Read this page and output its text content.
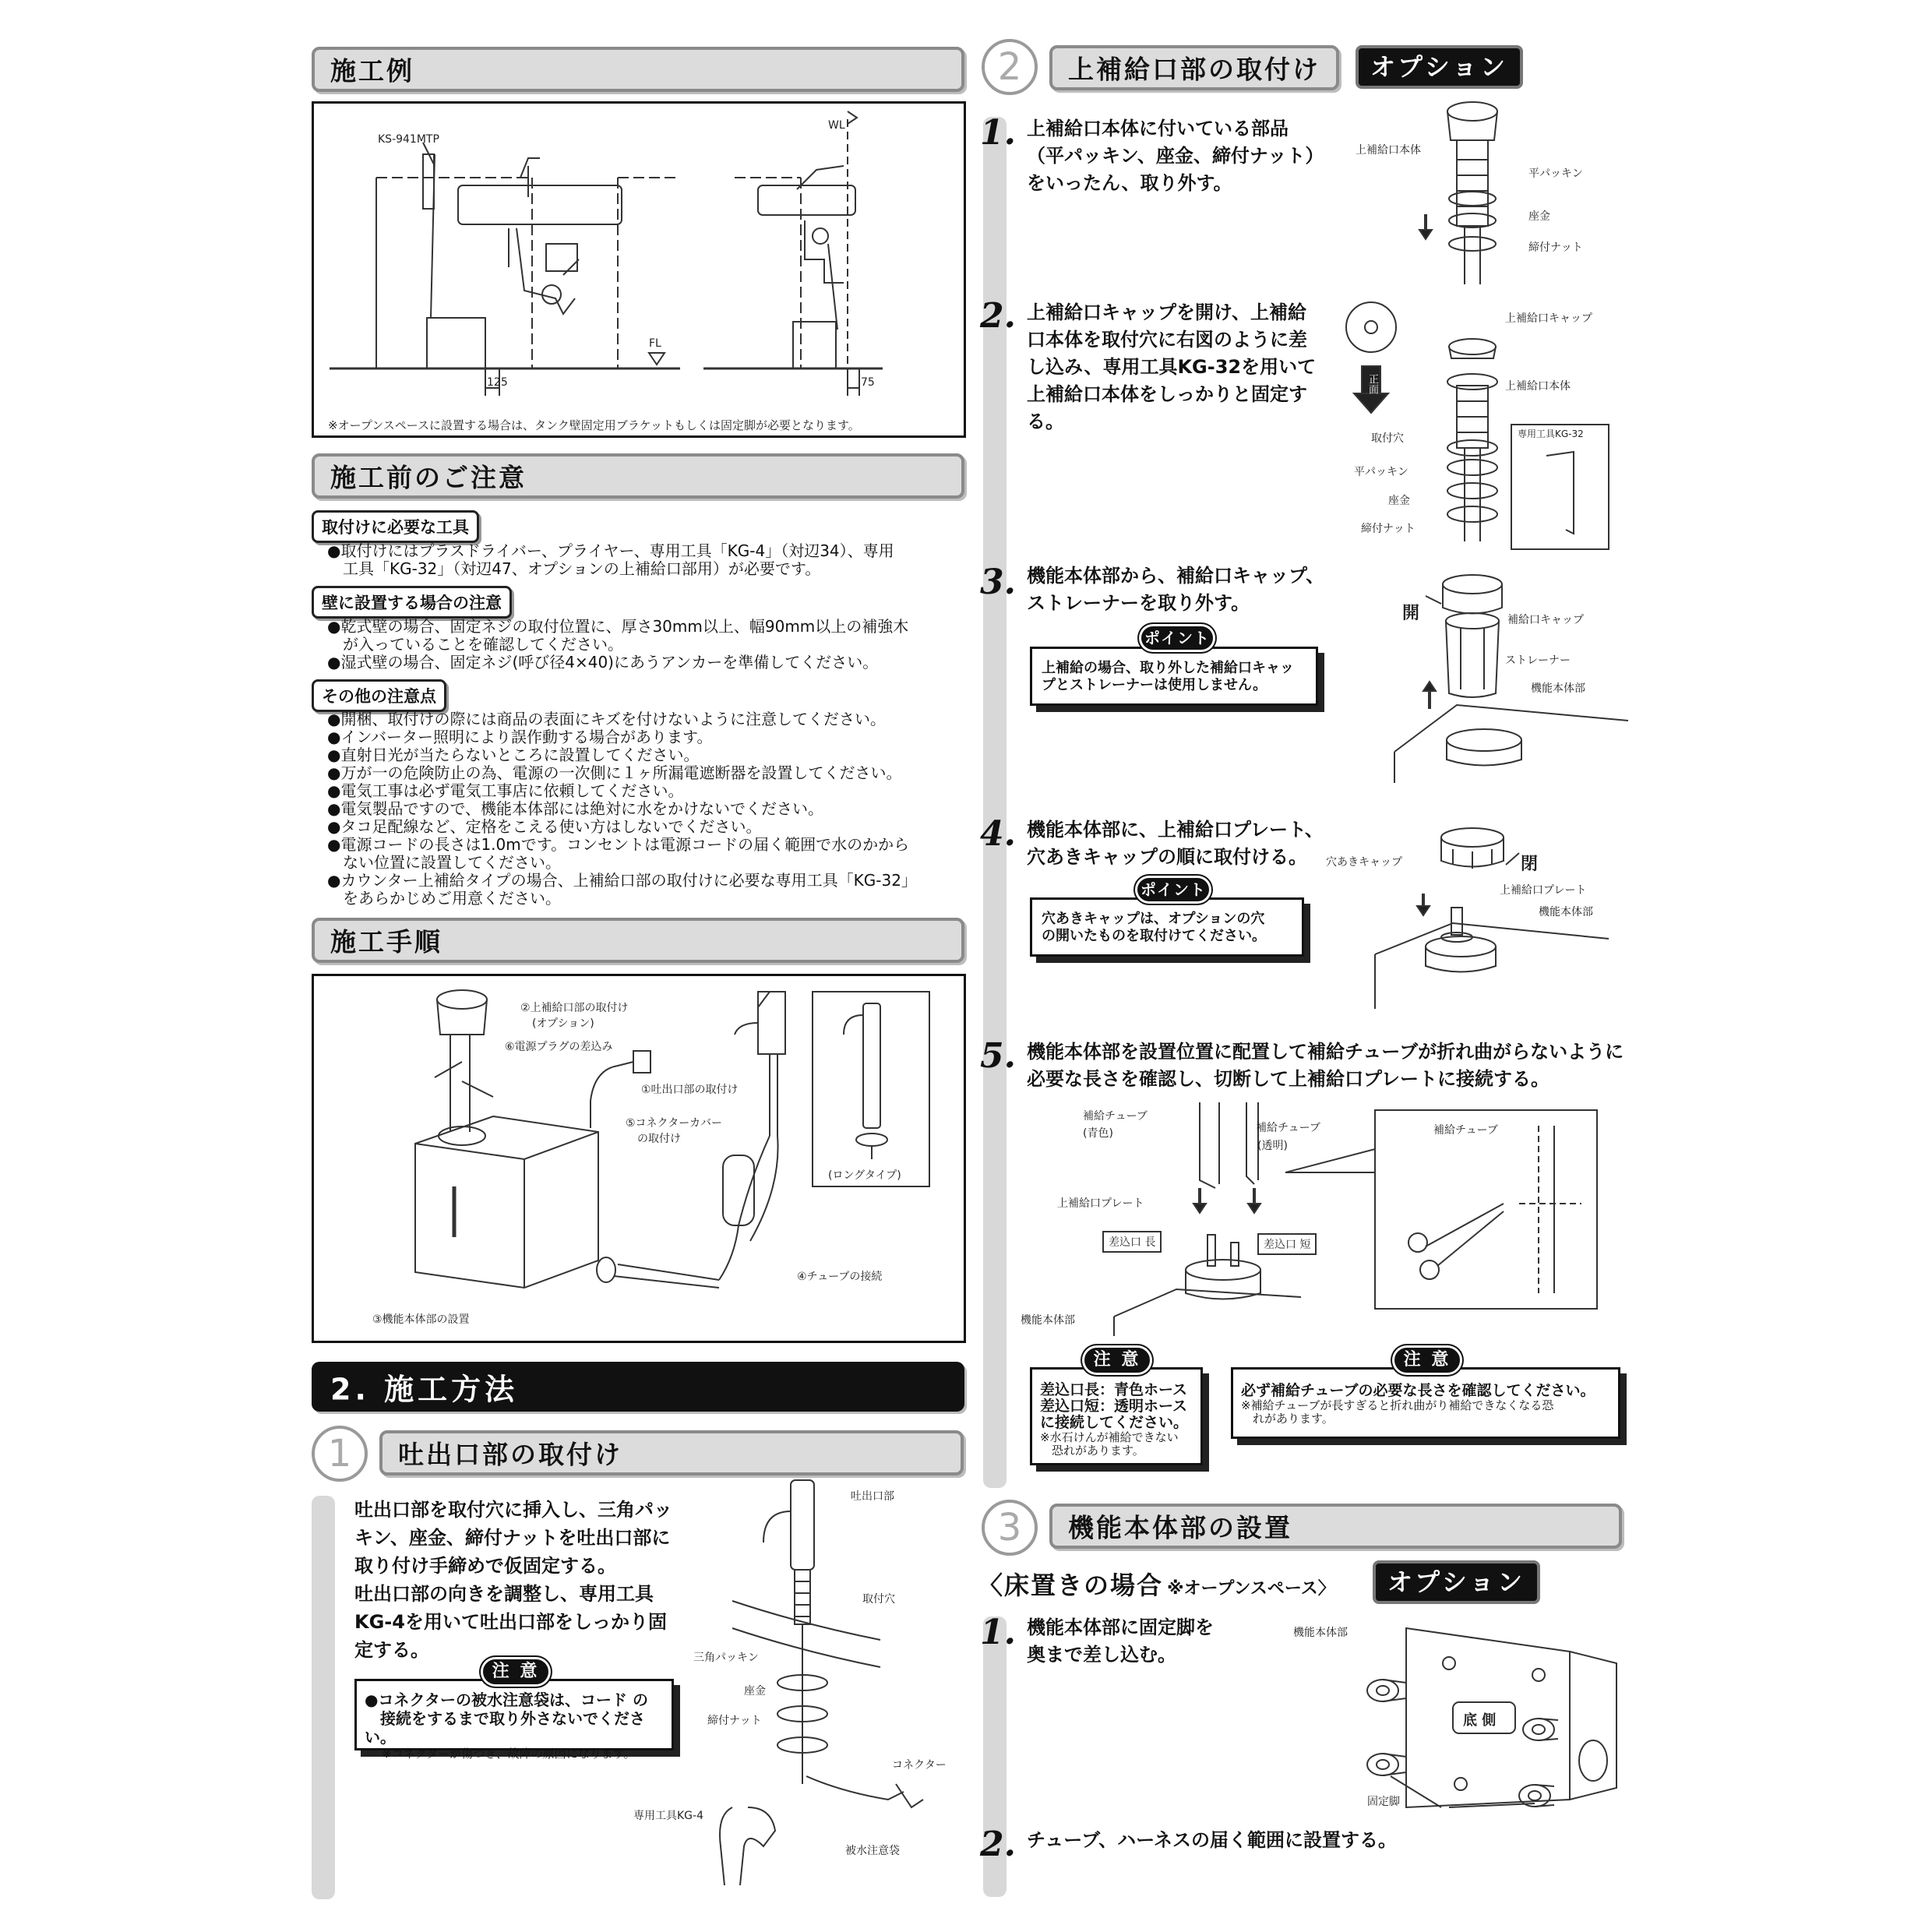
施工例
KS-941MTP
WL
FL
125	75
※オープンスペースに設置する場合は、タンク壁固定用ブラケットもしくは固定脚が必要となります。
施工前のご注意
取付けに必要な工具
●取付けにはプラスドライバー、プライヤー、専用工具「KG-4」（対辺34）、専用
　工具「KG-32」（対辺47、オプションの上補給口部用）が必要です。
壁に設置する場合の注意
●乾式壁の場合、固定ネジの取付位置に、厚さ30mm以上、幅90mm以上の補強木
　が入っていることを確認してください。
●湿式壁の場合、固定ネジ(呼び径4×40)にあうアンカーを準備してください。
その他の注意点
●開梱、取付けの際には商品の表面にキズを付けないように注意してください。
●インバーター照明により誤作動する場合があります。
●直射日光が当たらないところに設置してください。
●万が一の危険防止の為、電源の一次側に１ヶ所漏電遮断器を設置してください。
●電気工事は必ず電気工事店に依頼してください。
●電気製品ですので、機能本体部には絶対に水をかけないでください。
●タコ足配線など、定格をこえる使い方はしないでください。
●電源コードの長さは1.0mです。コンセントは電源コードの届く範囲で水のかから
　ない位置に設置してください。
●カウンター上補給タイプの場合、上補給口部の取付けに必要な専用工具「KG-32」
　をあらかじめご用意ください。
施工手順
②上補給口部の取付け
(オプション)
⑥電源プラグの差込み
①吐出口部の取付け
⑤コネクターカバー
の取付け
④チューブの接続
③機能本体部の設置
(ロングタイプ)
2. 施工方法
1	吐出口部の取付け
吐出口部を取付穴に挿入し、三角パッ
キン、座金、締付ナットを吐出口部に
取り付け手締めで仮固定する。
吐出口部の向きを調整し、専用工具
KG-4を用いて吐出口部をしっかり固
定する。
●コネクターの被水注意袋は、コード の
　接続をするまで取り外さないでください。
※コネクターが傷つき、故障の原因になります。
注 意
吐出口部
取付穴
三角パッキン
座金
締付ナット
コネクター
専用工具KG-4
被水注意袋
2	上補給口部の取付け	オプション
1. 上補給口本体に付いている部品
（平パッキン、座金、締付ナット）
をいったん、取り外す。
上補給口本体
平パッキン
座金
締付ナット
2. 上補給口キャップを開け、上補給
口本体を取付穴に右図のように差
し込み、専用工具KG-32を用いて
上補給口本体をしっかりと固定す
る。
正面
上補給口キャップ
上補給口本体
取付穴
平パッキン
座金
締付ナット
専用工具KG-32
3. 機能本体部から、補給口キャップ、
ストレーナーを取り外す。
上補給の場合、取り外した補給口キャッ
プとストレーナーは使用しません。
ポイント
開	補給口キャップ
ストレーナー
機能本体部
4. 機能本体部に、上補給口プレート、
穴あきキャップの順に取付ける。
穴あきキャップは、オプションの穴
の開いたものを取付けてください。
ポイント
穴あきキャップ	閉
上補給口プレート
機能本体部
5. 機能本体部を設置位置に配置して補給チューブが折れ曲がらないように
必要な長さを確認し、切断して上補給口プレートに接続する。
補給チューブ
(青色)	補給チューブ
(透明)
上補給口プレート
差込口 長	差込口 短
機能本体部
補給チューブ
差込口長：青色ホース
差込口短：透明ホース
に接続してください。
※水石けんが補給できない
　恐れがあります。
注 意
必ず補給チューブの必要な長さを確認してください。
※補給チューブが長すぎると折れ曲がり補給できなくなる恐
　れがあります。
注 意
3	機能本体部の設置
〈床置きの場合 ※オープンスペース〉	オプション
1. 機能本体部に固定脚を
奥まで差し込む。
機能本体部
底 側
固定脚
2. チューブ、ハーネスの届く範囲に設置する。
